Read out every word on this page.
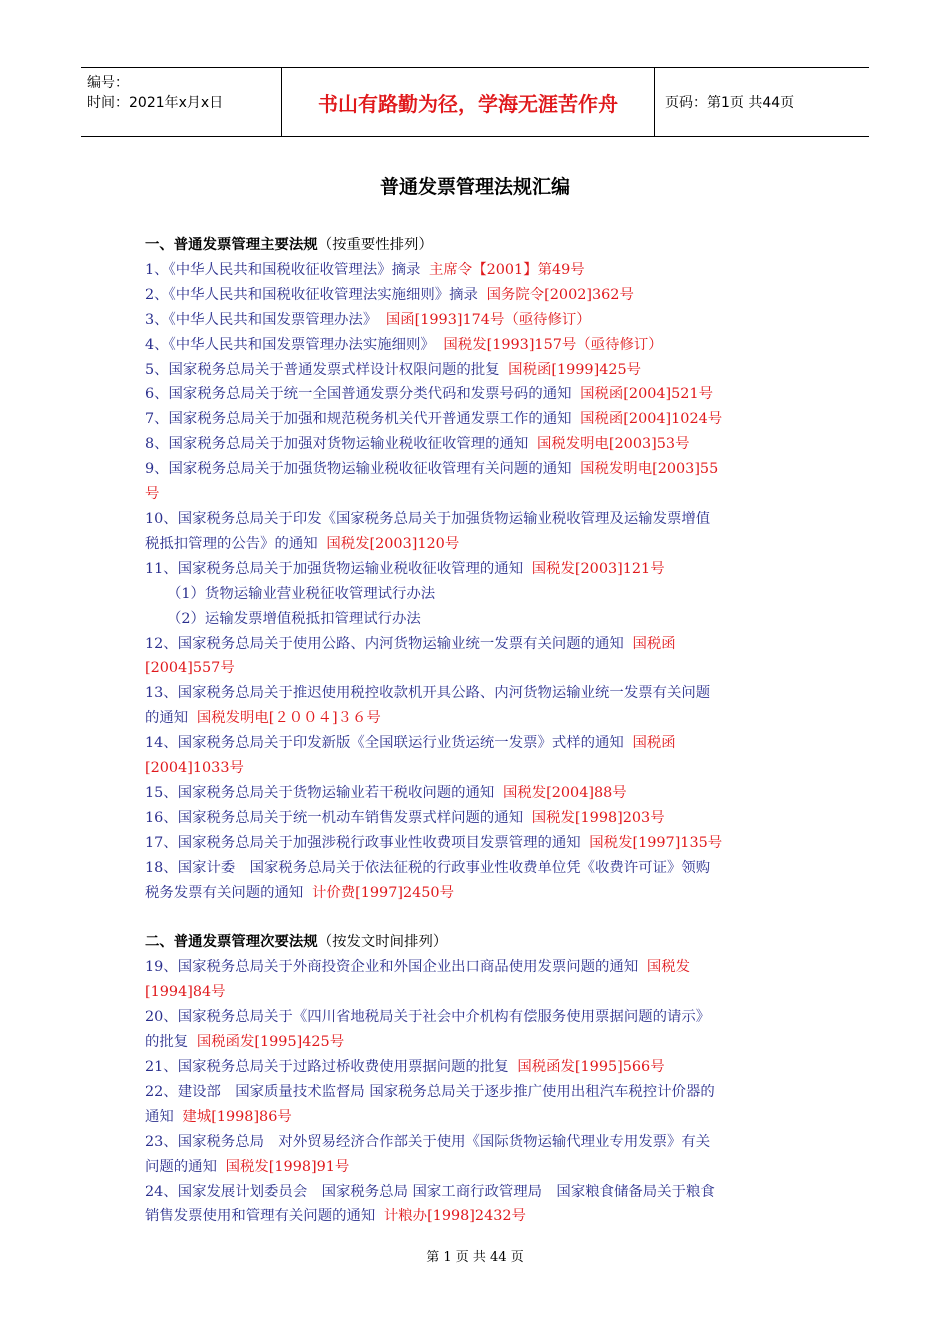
编号：
时间：2021年x月x日	书山有路勤为径，学海无涯苦作舟	页码：第1页 共44页
普通发票管理法规汇编
一、普通发票管理主要法规（按重要性排列）
1、《中华人民共和国税收征收管理法》摘录 主席令【2001】第49号
2、《中华人民共和国税收征收管理法实施细则》摘录 国务院令[2002]362号
3、《中华人民共和国发票管理办法》 国函[1993]174号（亟待修订）
4、《中华人民共和国发票管理办法实施细则》 国税发[1993]157号（亟待修订）
5、国家税务总局关于普通发票式样设计权限问题的批复 国税函[1999]425号
6、国家税务总局关于统一全国普通发票分类代码和发票号码的通知 国税函[2004]521号
7、国家税务总局关于加强和规范税务机关代开普通发票工作的通知 国税函[2004]1024号
8、国家税务总局关于加强对货物运输业税收征收管理的通知 国税发明电[2003]53号
9、国家税务总局关于加强货物运输业税收征收管理有关问题的通知 国税发明电[2003]55
号
10、国家税务总局关于印发《国家税务总局关于加强货物运输业税收管理及运输发票增值
税抵扣管理的公告》的通知 国税发[2003]120号
11、国家税务总局关于加强货物运输业税收征收管理的通知 国税发[2003]121号
（1）货物运输业营业税征收管理试行办法
（2）运输发票增值税抵扣管理试行办法
12、国家税务总局关于使用公路、内河货物运输业统一发票有关问题的通知 国税函
[2004]557号
13、国家税务总局关于推迟使用税控收款机开具公路、内河货物运输业统一发票有关问题
的通知 国税发明电[２００４]３６号
14、国家税务总局关于印发新版《全国联运行业货运统一发票》式样的通知 国税函
[2004]1033号
15、国家税务总局关于货物运输业若干税收问题的通知 国税发[2004]88号
16、国家税务总局关于统一机动车销售发票式样问题的通知 国税发[1998]203号
17、国家税务总局关于加强涉税行政事业性收费项目发票管理的通知 国税发[1997]135号
18、国家计委　国家税务总局关于依法征税的行政事业性收费单位凭《收费许可证》领购
税务发票有关问题的通知 计价费[1997]2450号
二、普通发票管理次要法规（按发文时间排列）
19、国家税务总局关于外商投资企业和外国企业出口商品使用发票问题的通知 国税发
[1994]84号
20、国家税务总局关于《四川省地税局关于社会中介机构有偿服务使用票据问题的请示》
的批复 国税函发[1995]425号
21、国家税务总局关于过路过桥收费使用票据问题的批复 国税函发[1995]566号
22、建设部　国家质量技术监督局 国家税务总局关于逐步推广使用出租汽车税控计价器的
通知 建城[1998]86号
23、国家税务总局　对外贸易经济合作部关于使用《国际货物运输代理业专用发票》有关
问题的通知 国税发[1998]91号
24、国家发展计划委员会　国家税务总局 国家工商行政管理局　国家粮食储备局关于粮食
销售发票使用和管理有关问题的通知 计粮办[1998]2432号
第 1 页 共 44 页
